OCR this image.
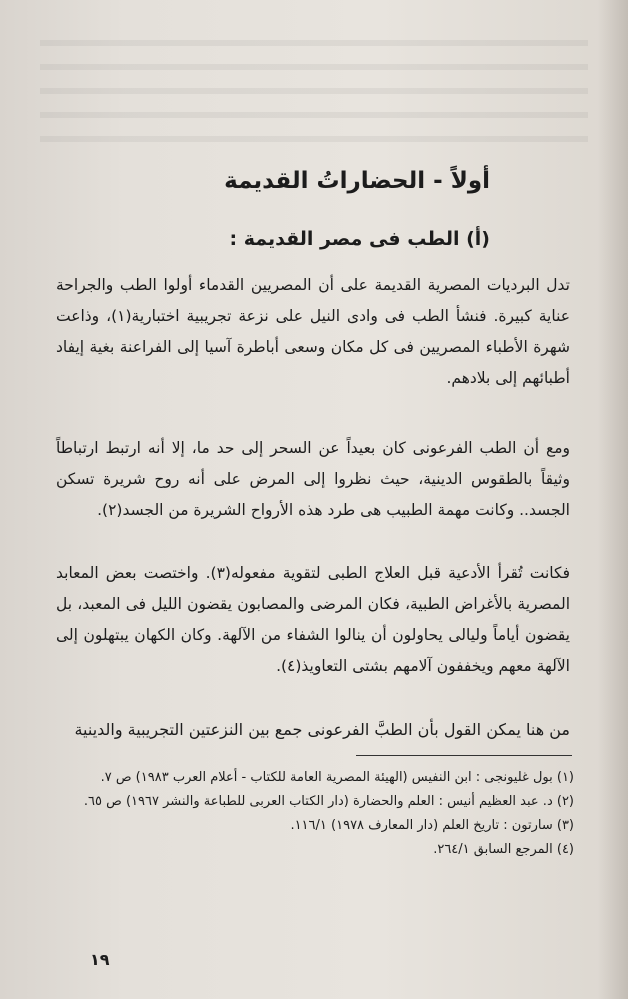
أولاً - الحضاراتُ القديمة
(أ) الطب فى مصر القديمة :
تدل البرديات المصرية القديمة على أن المصريين القدماء أولوا الطب والجراحة عناية كبيرة. فنشأ الطب فى وادى النيل على نزعة تجريبية اختبارية(١)، وذاعت شهرة الأطباء المصريين فى كل مكان وسعى أباطرة آسيا إلى الفراعنة بغية إيفاد أطبائهم إلى بلادهم.
ومع أن الطب الفرعونى كان بعيداً عن السحر إلى حد ما، إلا أنه ارتبط ارتباطاً وثيقاً بالطقوس الدينية، حيث نظروا إلى المرض على أنه روح شريرة تسكن الجسد.. وكانت مهمة الطبيب هى طرد هذه الأرواح الشريرة من الجسد(٢).
فكانت تُقرأ الأدعية قبل العلاج الطبى لتقوية مفعوله(٣). واختصت بعض المعابد المصرية بالأغراض الطبية، فكان المرضى والمصابون يقضون الليل فى المعبد، بل يقضون أياماً وليالى يحاولون أن ينالوا الشفاء من الآلهة. وكان الكهان يبتهلون إلى الآلهة معهم ويخففون آلامهم بشتى التعاويذ(٤).
من هنا يمكن القول بأن الطبَّ الفرعونى جمع بين النزعتين التجريبية والدينية
(١) بول غليونجى : ابن النفيس (الهيئة المصرية العامة للكتاب - أعلام العرب ١٩٨٣) ص ٧.
(٢) د. عبد العظيم أنيس : العلم والحضارة (دار الكتاب العربى للطباعة والنشر ١٩٦٧) ص ٦٥.
(٣) سارتون : تاريخ العلم (دار المعارف ١٩٧٨) ١١٦/١.
(٤) المرجع السابق ٢٦٤/١.
١٩
